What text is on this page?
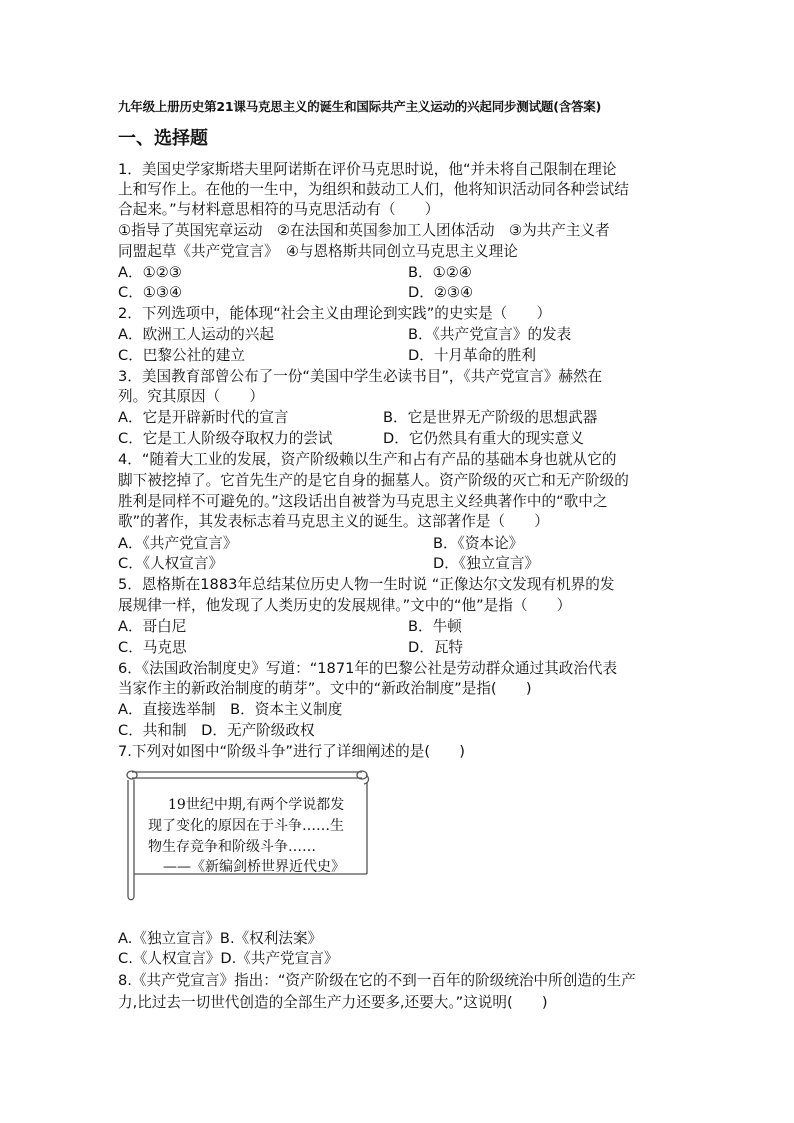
九年级上册历史第21课马克思主义的诞生和国际共产主义运动的兴起同步测试题(含答案)
一、选择题
1．美国史学家斯塔夫里阿诺斯在评价马克思时说，他“并未将自己限制在理论
上和写作上。在他的一生中，为组织和鼓动工人们，他将知识活动同各种尝试结
合起来。”与材料意思相符的马克思活动有（　　）
①指导了英国宪章运动　②在法国和英国参加工人团体活动　③为共产主义者
同盟起草《共产党宣言》　④与恩格斯共同创立马克思主义理论
A．①②③	B．①②④
C．①③④	D．②③④
2．下列选项中，能体现“社会主义由理论到实践”的史实是（　　）
A．欧洲工人运动的兴起	B．《共产党宣言》的发表
C．巴黎公社的建立	D．十月革命的胜利
3．美国教育部曾公布了一份“美国中学生必读书目”，《共产党宣言》赫然在
列。究其原因（　　）
A．它是开辟新时代的宣言	B．它是世界无产阶级的思想武器
C．它是工人阶级夺取权力的尝试	D．它仍然具有重大的现实意义
4．“随着大工业的发展，资产阶级赖以生产和占有产品的基础本身也就从它的
脚下被挖掉了。它首先生产的是它自身的掘墓人。资产阶级的灭亡和无产阶级的
胜利是同样不可避免的。”这段话出自被誉为马克思主义经典著作中的“歌中之
歌”的著作，其发表标志着马克思主义的诞生。这部著作是（　　）
A．《共产党宣言》	B．《资本论》
C．《人权宣言》	D．《独立宣言》
5．恩格斯在1883年总结某位历史人物一生时说 “正像达尔文发现有机界的发
展规律一样，他发现了人类历史的发展规律。”文中的“他”是指（　　）
A．哥白尼	B．牛顿
C．马克思	D．瓦特
6．《法国政治制度史》写道：“1871年的巴黎公社是劳动群众通过其政治代表
当家作主的新政治制度的萌芽”。文中的“新政治制度”是指(　　)
A．直接选举制　B．资本主义制度
C．共和制　D．无产阶级政权
7.下列对如图中“阶级斗争”进行了详细阐述的是(　　)
19世纪中期,有两个学说都发
现了变化的原因在于斗争……生
物生存竞争和阶级斗争……
——《新编剑桥世界近代史》
A.《独立宣言》B.《权利法案》
C.《人权宣言》D.《共产党宣言》
8.《共产党宣言》指出：“资产阶级在它的不到一百年的阶级统治中所创造的生产
力,比过去一切世代创造的全部生产力还要多,还要大。”这说明(　　)
